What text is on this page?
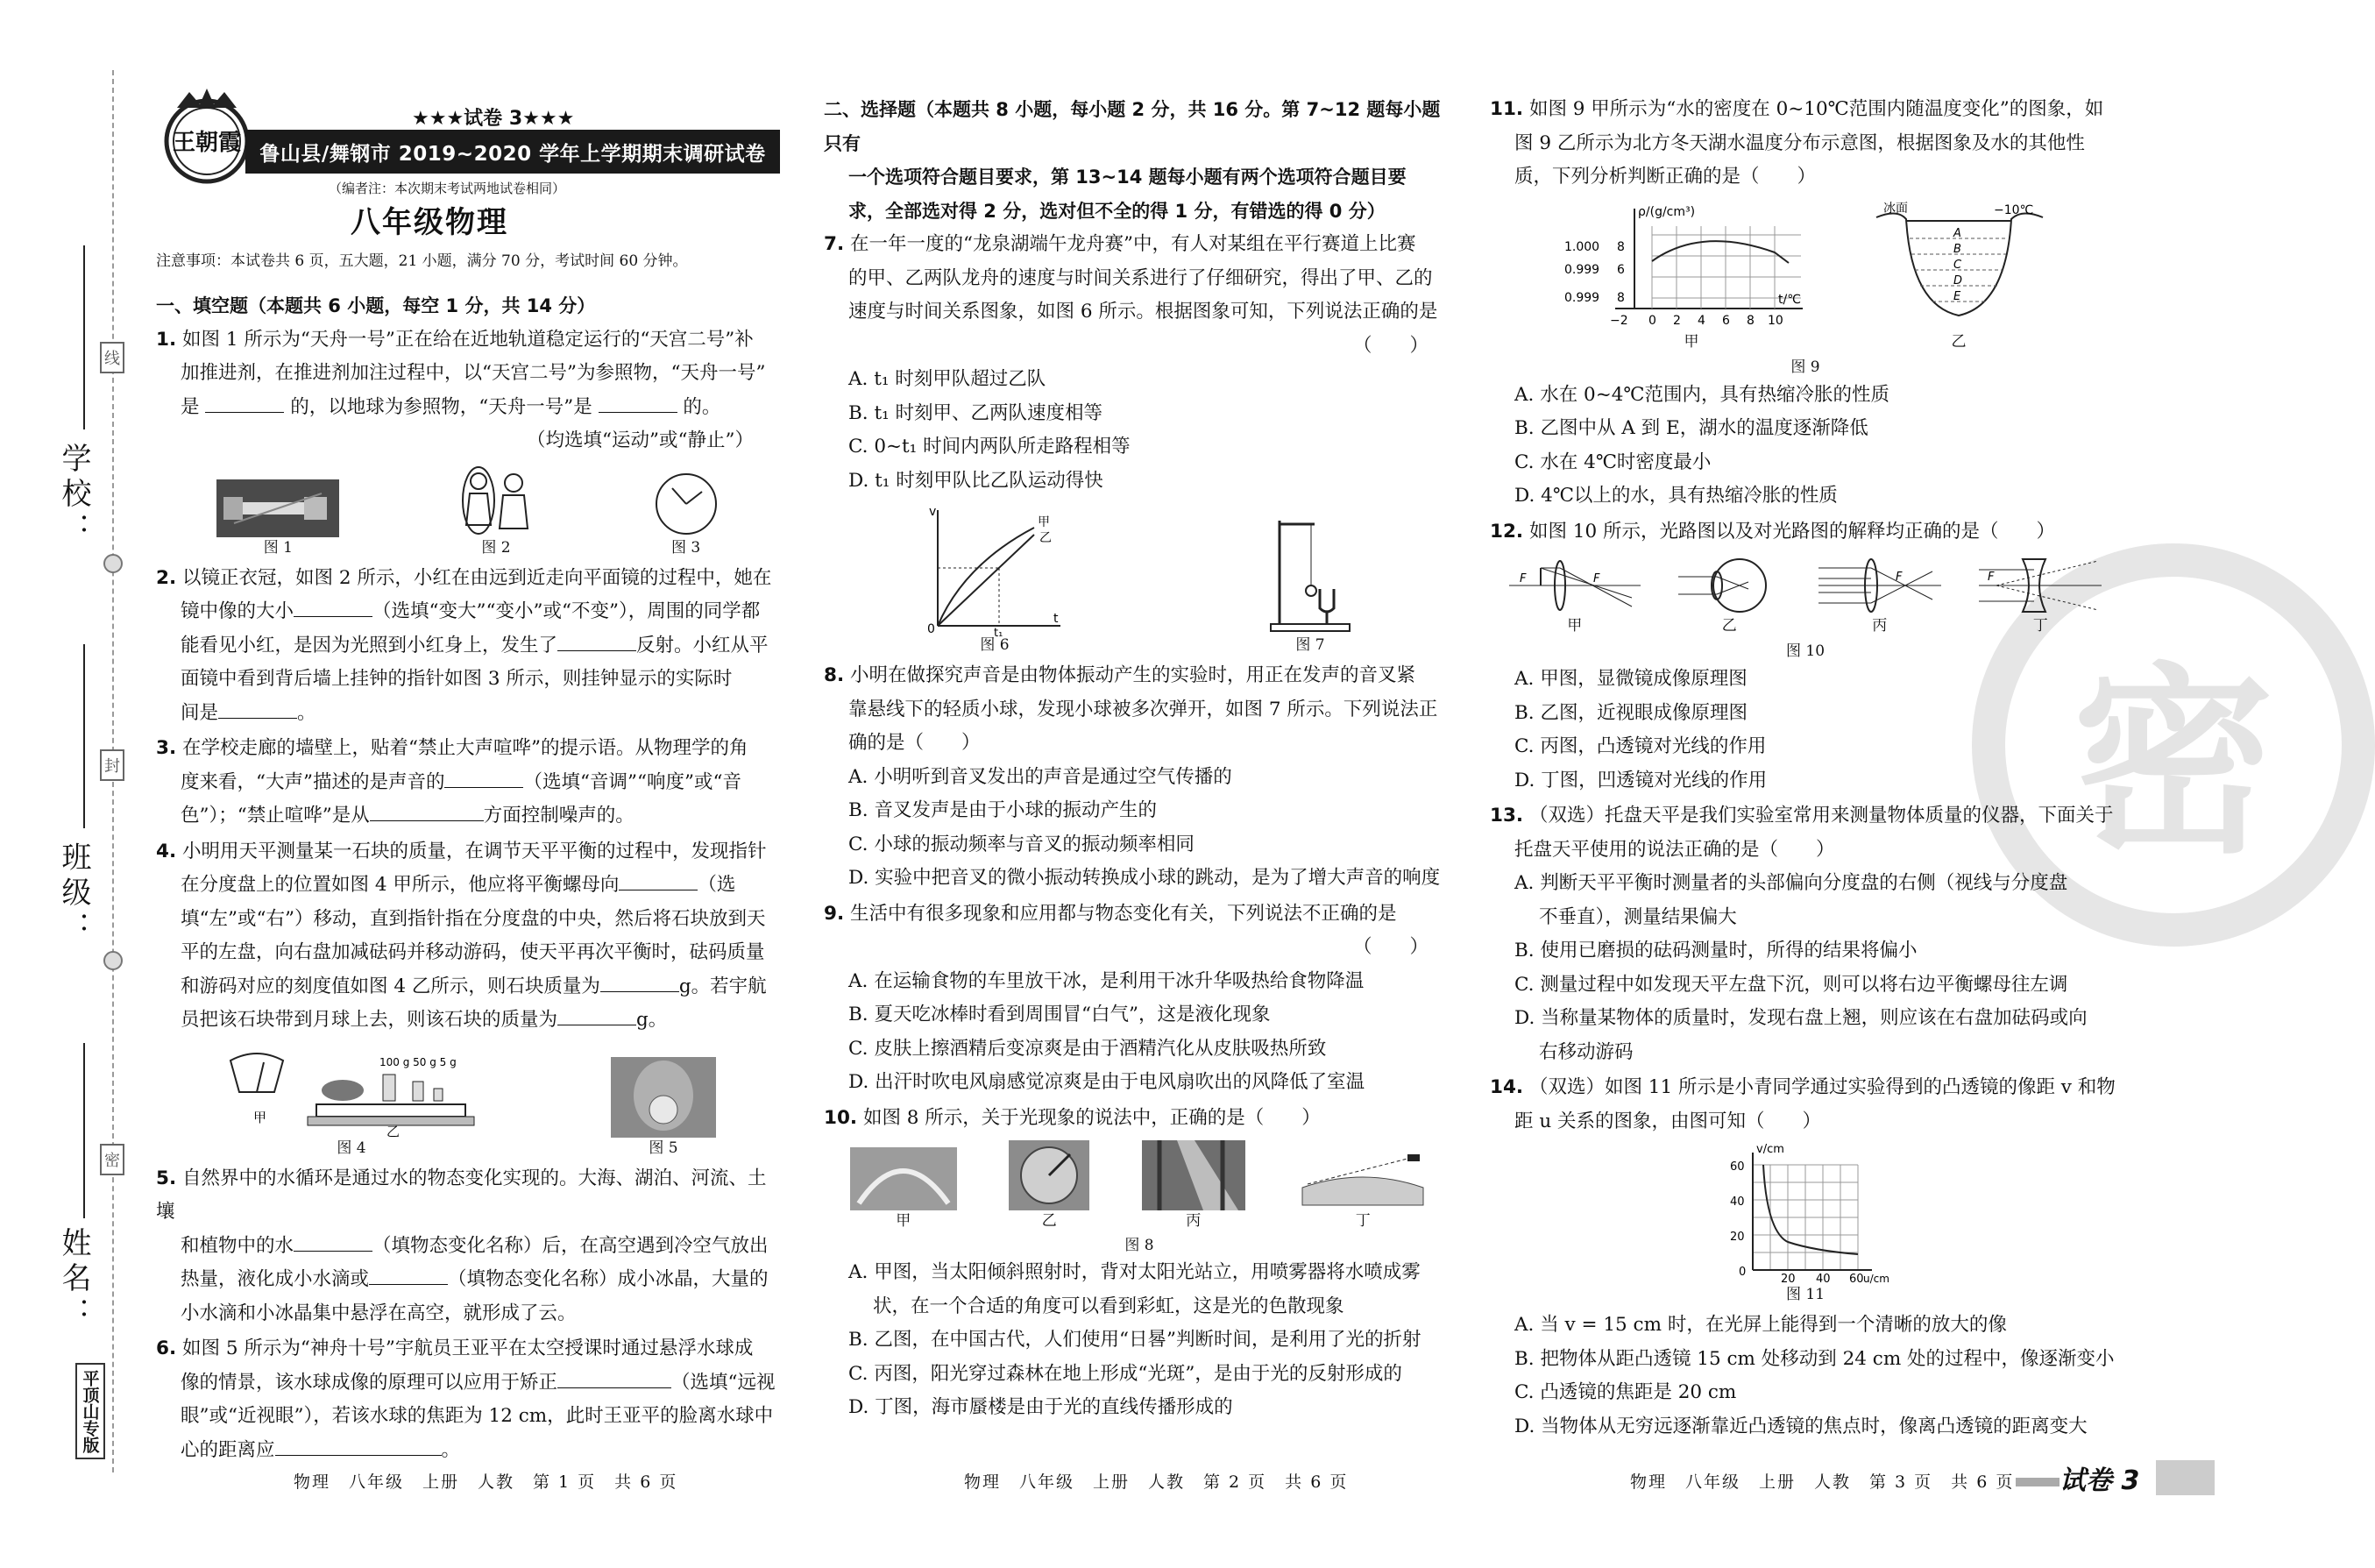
密
学校：
班级：
姓名：
线
封
密
平顶山专版
王朝霞
★★★试卷 3★★★
鲁山县/舞钢市 2019~2020 学年上学期期末调研试卷
（编者注：本次期末考试两地试卷相同）
八年级物理
注意事项：本试卷共 6 页，五大题，21 小题，满分 70 分，考试时间 60 分钟。
一、填空题（本题共 6 小题，每空 1 分，共 14 分）
1. 如图 1 所示为“天舟一号”正在给在近地轨道稳定运行的“天宫二号”补
加推进剂，在推进剂加注过程中，以“天宫二号”为参照物，“天舟一号”
是	的，以地球为参照物，“天舟一号”是	的。
（均选填“运动”或“静止”）
图 1	图 2	图 3
2. 以镜正衣冠，如图 2 所示，小红在由远到近走向平面镜的过程中，她在
镜中像的大小	（选填“变大”“变小”或“不变”），周围的同学都
能看见小红，是因为光照到小红身上，发生了	反射。小红从平
面镜中看到背后墙上挂钟的指针如图 3 所示，则挂钟显示的实际时
间是	。
3. 在学校走廊的墙壁上，贴着“禁止大声喧哗”的提示语。从物理学的角
度来看，“大声”描述的是声音的	（选填“音调”“响度”或“音
色”）；“禁止喧哗”是从	方面控制噪声的。
4. 小明用天平测量某一石块的质量，在调节天平平衡的过程中，发现指针
在分度盘上的位置如图 4 甲所示，他应将平衡螺母向	（选
填“左”或“右”）移动，直到指针指在分度盘的中央，然后将石块放到天
平的左盘，向右盘加减砝码并移动游码，使天平再次平衡时，砝码质量
和游码对应的刻度值如图 4 乙所示，则石块质量为	g。若宇航
员把该石块带到月球上去，则该石块的质量为	g。
甲
100 g 50 g 5 g
乙
图 4	图 5
5. 自然界中的水循环是通过水的物态变化实现的。大海、湖泊、河流、土壤
和植物中的水	（填物态变化名称）后，在高空遇到冷空气放出
热量，液化成小水滴或	（填物态变化名称）成小冰晶，大量的
小水滴和小冰晶集中悬浮在高空，就形成了云。
6. 如图 5 所示为“神舟十号”宇航员王亚平在太空授课时通过悬浮水球成
像的情景，该水球成像的原理可以应用于矫正	（选填“远视
眼”或“近视眼”），若该水球的焦距为 12 cm，此时王亚平的脸离水球中
心的距离应	。
二、选择题（本题共 8 小题，每小题 2 分，共 16 分。第 7~12 题每小题只有
一个选项符合题目要求，第 13~14 题每小题有两个选项符合题目要
求，全部选对得 2 分，选对但不全的得 1 分，有错选的得 0 分）
7. 在一年一度的“龙泉湖端午龙舟赛”中，有人对某组在平行赛道上比赛
的甲、乙两队龙舟的速度与时间关系进行了仔细研究，得出了甲、乙的
速度与时间关系图象，如图 6 所示。根据图象可知，下列说法正确的是
（　　）
A. t₁ 时刻甲队超过乙队
B. t₁ 时刻甲、乙两队速度相等
C. 0~t₁ 时间内两队所走路程相等
D. t₁ 时刻甲队比乙队运动得快
v
t
0	t₁
甲
乙
图 6	图 7
8. 小明在做探究声音是由物体振动产生的实验时，用正在发声的音叉紧
靠悬线下的轻质小球，发现小球被多次弹开，如图 7 所示。下列说法正
确的是（　　）
A. 小明听到音叉发出的声音是通过空气传播的
B. 音叉发声是由于小球的振动产生的
C. 小球的振动频率与音叉的振动频率相同
D. 实验中把音叉的微小振动转换成小球的跳动，是为了增大声音的响度
9. 生活中有很多现象和应用都与物态变化有关，下列说法不正确的是
（　　）
A. 在运输食物的车里放干冰，是利用干冰升华吸热给食物降温
B. 夏天吃冰棒时看到周围冒“白气”，这是液化现象
C. 皮肤上擦酒精后变凉爽是由于酒精汽化从皮肤吸热所致
D. 出汗时吹电风扇感觉凉爽是由于电风扇吹出的风降低了室温
10. 如图 8 所示，关于光现象的说法中，正确的是（　　）
甲	乙	丙	丁
图 8
A. 甲图，当太阳倾斜照射时，背对太阳光站立，用喷雾器将水喷成雾
状，在一个合适的角度可以看到彩虹，这是光的色散现象
B. 乙图，在中国古代，人们使用“日晷”判断时间，是利用了光的折射
C. 丙图，阳光穿过森林在地上形成“光斑”，是由于光的反射形成的
D. 丁图，海市蜃楼是由于光的直线传播形成的
11. 如图 9 甲所示为“水的密度在 0~10℃范围内随温度变化”的图象，如
图 9 乙所示为北方冬天湖水温度分布示意图，根据图象及水的其他性
质，下列分析判断正确的是（　　）
ρ/(g/cm³)
1.000 8
0.999 6
0.999 8	t/℃
−2 0 2 4 6 8 10
甲
冰面	−10℃
A
B
C
D
E
乙
图 9
A. 水在 0~4℃范围内，具有热缩冷胀的性质
B. 乙图中从 A 到 E，湖水的温度逐渐降低
C. 水在 4℃时密度最小
D. 4℃以上的水，具有热缩冷胀的性质
12. 如图 10 所示，光路图以及对光路图的解释均正确的是（　　）
F	F
甲	乙
F
丙
F
丁
图 10
A. 甲图，显微镜成像原理图
B. 乙图，近视眼成像原理图
C. 丙图，凸透镜对光线的作用
D. 丁图，凹透镜对光线的作用
13. （双选）托盘天平是我们实验室常用来测量物体质量的仪器，下面关于
托盘天平使用的说法正确的是（　　）
A. 判断天平平衡时测量者的头部偏向分度盘的右侧（视线与分度盘
不垂直），测量结果偏大
B. 使用已磨损的砝码测量时，所得的结果将偏小
C. 测量过程中如发现天平左盘下沉，则可以将右边平衡螺母往左调
D. 当称量某物体的质量时，发现右盘上翘，则应该在右盘加砝码或向
右移动游码
14. （双选）如图 11 所示是小青同学通过实验得到的凸透镜的像距 v 和物
距 u 关系的图象，由图可知（　　）
v/cm
60
40
20
0
20 40 60 u/cm
图 11
A. 当 v = 15 cm 时，在光屏上能得到一个清晰的放大的像
B. 把物体从距凸透镜 15 cm 处移动到 24 cm 处的过程中，像逐渐变小
C. 凸透镜的焦距是 20 cm
D. 当物体从无穷远逐渐靠近凸透镜的焦点时，像离凸透镜的距离变大
物理　八年级　上册　人教　第 1 页　共 6 页	物理　八年级　上册　人教　第 2 页　共 6 页	物理　八年级　上册　人教　第 3 页　共 6 页 试卷 3
